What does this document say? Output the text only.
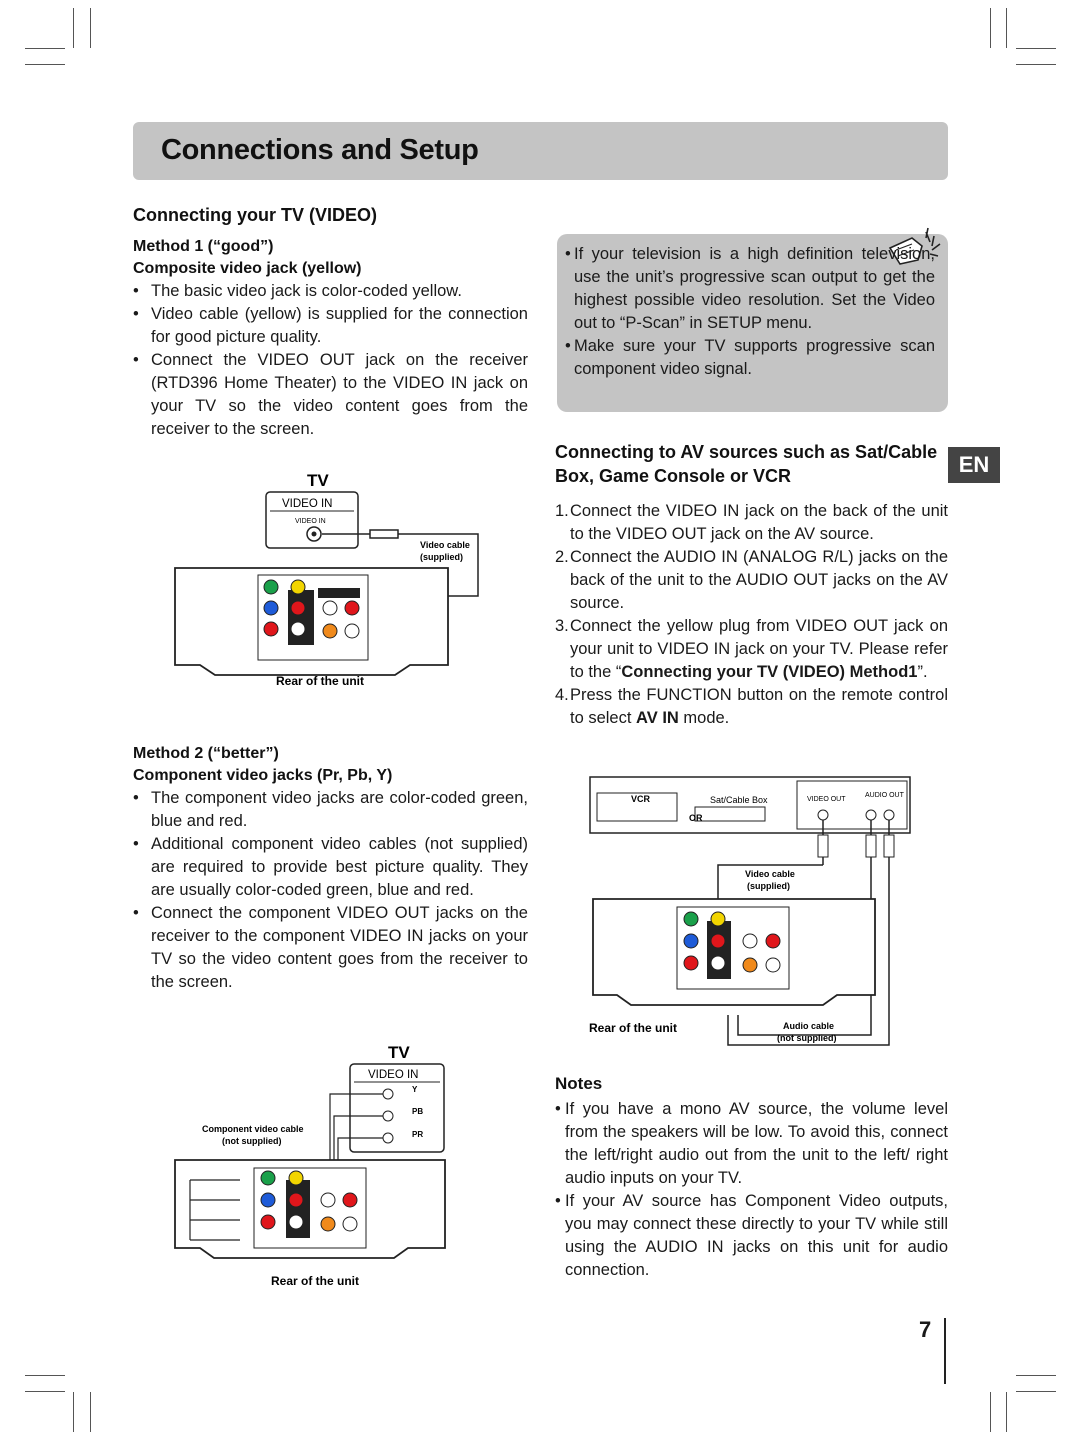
Connections and Setup
Connecting your TV (VIDEO)
Method 1 (“good”)
Composite video jack (yellow)
• The basic video jack is color-coded yellow.
• Video cable (yellow) is supplied for the connection for good picture quality.
• Connect the VIDEO OUT jack on the receiver (RTD396 Home Theater) to the VIDEO IN jack on your TV so the video content goes from the receiver to the screen.
TV
VIDEO IN
VIDEO IN
Video cable
(supplied)
Rear of the unit
Method 2 (“better”)
Component video jacks (Pr, Pb, Y)
• The component video jacks are color-coded green, blue and red.
• Additional component video cables (not supplied) are required to provide best picture quality. They are usually color-coded green, blue and red.
• Connect the component VIDEO OUT jacks on the receiver to the component VIDEO IN jacks on your TV so the video content goes from the receiver to the screen.
TV
VIDEO IN
Y
PB
PR
Component video cable
(not supplied)
Rear of the unit
• If your television is a high definition television, use the unit’s progressive scan output to get the highest possible video resolution. Set the Video out to “P-Scan” in SETUP menu.
• Make sure your TV supports progressive scan component video signal.
EN
Connecting to AV sources such as Sat/Cable
Box, Game Console or VCR
1. Connect the VIDEO IN jack on the back of the unit to the VIDEO OUT jack on the AV source.
2. Connect the AUDIO IN (ANALOG R/L) jacks on the back of the unit to the AUDIO OUT jacks on the AV source.
3. Connect the yellow plug from VIDEO OUT jack on your unit to VIDEO IN jack on your TV. Please refer to the “Connecting your TV (VIDEO) Method1”.
4. Press the FUNCTION button on the remote control to select AV IN mode.
VCR	Sat/Cable Box
OR
VIDEO OUT
AUDIO OUT
Video cable
(supplied)
Rear of the unit	Audio cable
(not supplied)
Notes
• If you have a mono AV source, the volume level from the speakers will be low. To avoid this, connect the left/right audio out from the unit to the left/ right audio inputs on your TV.
• If your AV source has Component Video outputs, you may connect these directly to your TV while still using the AUDIO IN jacks on this unit for audio connection.
7
